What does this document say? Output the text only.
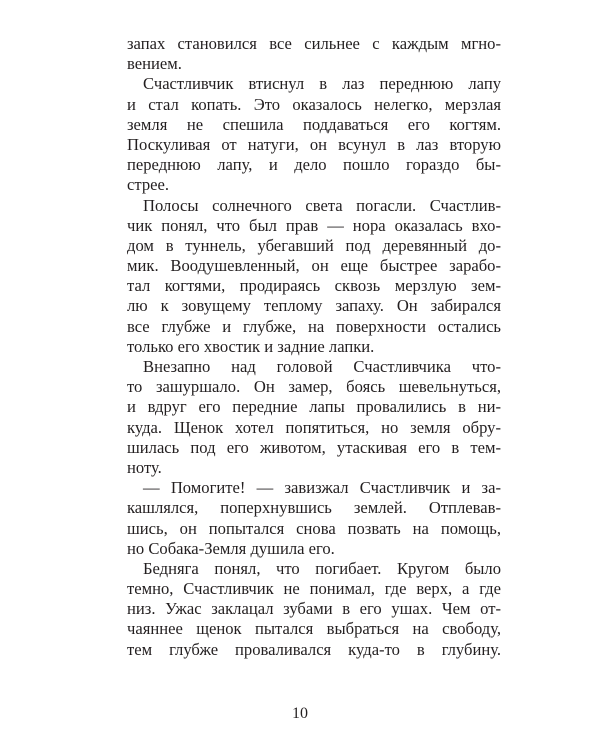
запах становился все сильнее с каждым мгно-
вением.
Счастливчик втиснул в лаз переднюю лапу
и стал копать. Это оказалось нелегко, мерзлая
земля не спешила поддаваться его когтям.
Поскуливая от натуги, он всунул в лаз вторую
переднюю лапу, и дело пошло гораздо бы-
стрее.
Полосы солнечного света погасли. Счастлив-
чик понял, что был прав — нора оказалась вхо-
дом в туннель, убегавший под деревянный до-
мик. Воодушевленный, он еще быстрее зарабо-
тал когтями, продираясь сквозь мерзлую зем-
лю к зовущему теплому запаху. Он забирался
все глубже и глубже, на поверхности остались
только его хвостик и задние лапки.
Внезапно над головой Счастливчика что-
то зашуршало. Он замер, боясь шевельнуться,
и вдруг его передние лапы провалились в ни-
куда. Щенок хотел попятиться, но земля обру-
шилась под его животом, утаскивая его в тем-
ноту.
— Помогите! — завизжал Счастливчик и за-
кашлялся, поперхнувшись землей. Отплевав-
шись, он попытался снова позвать на помощь,
но Собака-Земля душила его.
Бедняга понял, что погибает. Кругом было
темно, Счастливчик не понимал, где верх, а где
низ. Ужас заклацал зубами в его ушах. Чем от-
чаяннее щенок пытался выбраться на свободу,
тем глубже проваливался куда-то в глубину.
10
